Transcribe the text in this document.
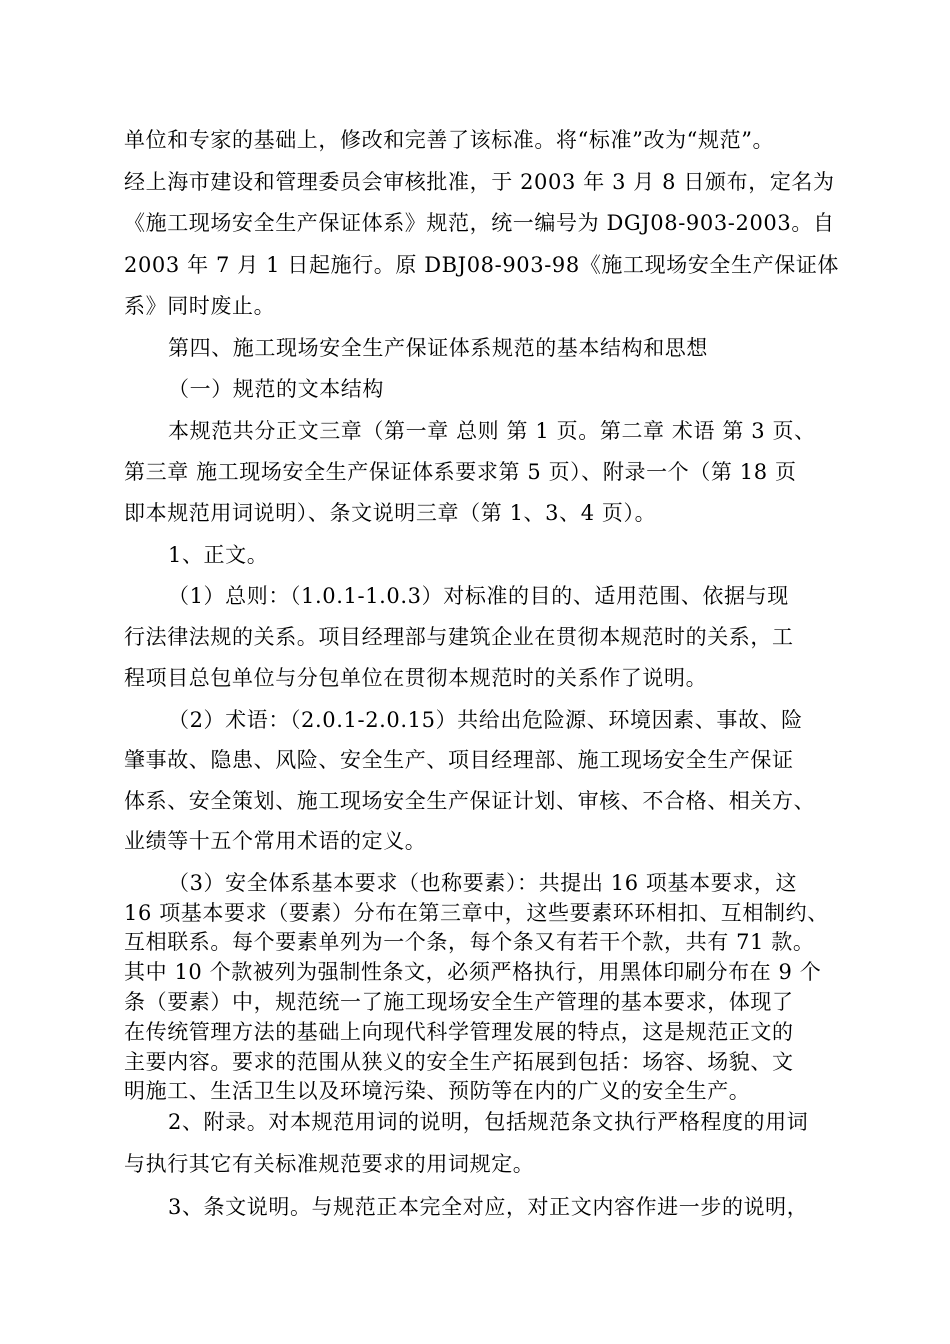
单位和专家的基础上，修改和完善了该标准。将“标准”改为“规范”。
经上海市建设和管理委员会审核批准，于 2003 年 3 月 8 日颁布，定名为
《施工现场安全生产保证体系》规范，统一编号为 DGJ08-903-2003。自
2003 年 7 月 1 日起施行。原 DBJ08-903-98《施工现场安全生产保证体
系》同时废止。
第四、施工现场安全生产保证体系规范的基本结构和思想
（一）规范的文本结构
本规范共分正文三章（第一章 总则 第 1 页。第二章 术语 第 3 页、
第三章 施工现场安全生产保证体系要求第 5 页）、附录一个（第 18 页
即本规范用词说明）、条文说明三章（第 1、3、4 页）。
1、正文。
（1）总则：（1.0.1-1.0.3）对标准的目的、适用范围、依据与现
行法律法规的关系。项目经理部与建筑企业在贯彻本规范时的关系，工
程项目总包单位与分包单位在贯彻本规范时的关系作了说明。
（2）术语：（2.0.1-2.0.15）共给出危险源、环境因素、事故、险
肇事故、隐患、风险、安全生产、项目经理部、施工现场安全生产保证
体系、安全策划、施工现场安全生产保证计划、审核、不合格、相关方、
业绩等十五个常用术语的定义。
（3）安全体系基本要求（也称要素）：共提出 16 项基本要求，这
16 项基本要求（要素）分布在第三章中，这些要素环环相扣、互相制约、
互相联系。每个要素单列为一个条，每个条又有若干个款，共有 71 款。
其中 10 个款被列为强制性条文，必须严格执行，用黑体印刷分布在 9 个
条（要素）中，规范统一了施工现场安全生产管理的基本要求，体现了
在传统管理方法的基础上向现代科学管理发展的特点，这是规范正文的
主要内容。要求的范围从狭义的安全生产拓展到包括：场容、场貌、文
明施工、生活卫生以及环境污染、预防等在内的广义的安全生产。
2、附录。对本规范用词的说明，包括规范条文执行严格程度的用词
与执行其它有关标准规范要求的用词规定。
3、条文说明。与规范正本完全对应，对正文内容作进一步的说明，
